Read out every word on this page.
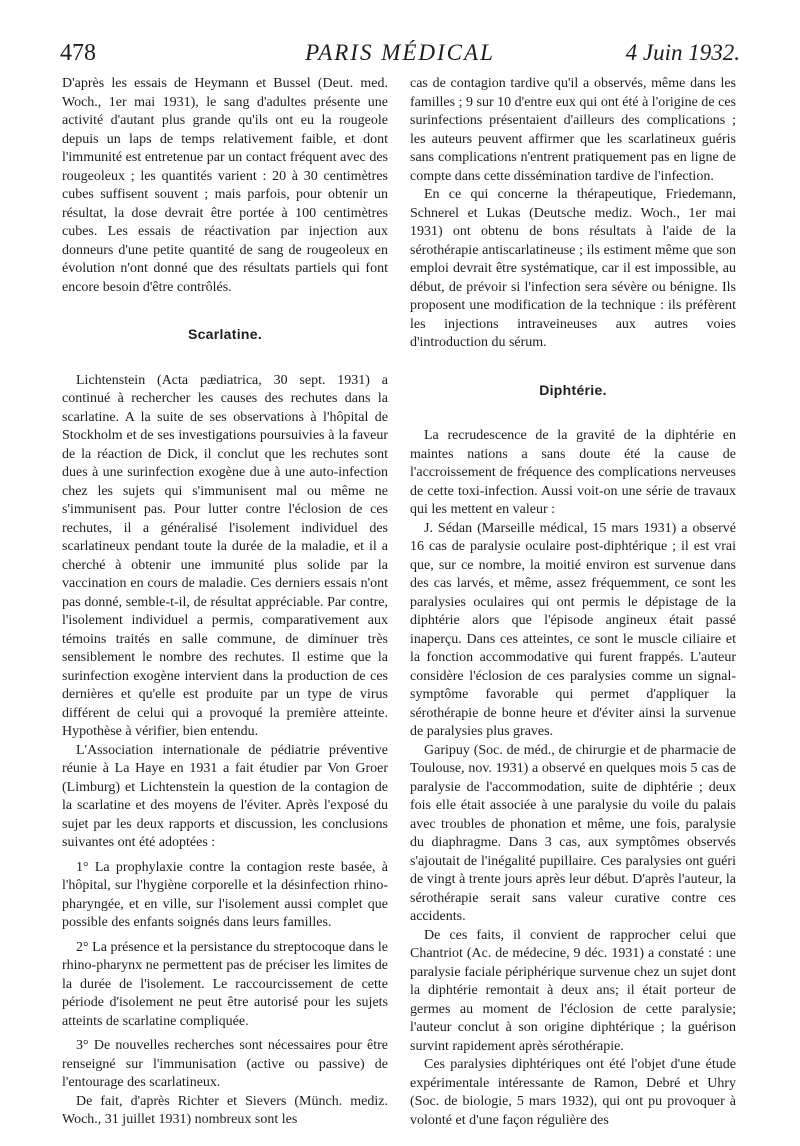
478	PARIS MÉDICAL	4 Juin 1932.

D'après les essais de Heymann et Bussel (Deut. med. Woch., 1er mai 1931), le sang d'adultes présente une activité d'autant plus grande qu'ils ont eu la rougeole depuis un laps de temps relativement faible, et dont l'immunité est entretenue par un contact fréquent avec des rougeoleux ; les quantités varient : 20 à 30 centimètres cubes suffisent souvent ; mais parfois, pour obtenir un résultat, la dose devrait être portée à 100 centimètres cubes. Les essais de réactivation par injection aux donneurs d'une petite quantité de sang de rougeoleux en évolution n'ont donné que des résultats partiels qui font encore besoin d'être contrôlés.

Scarlatine.

Lichtenstein (Acta pædiatrica, 30 sept. 1931) a continué à rechercher les causes des rechutes dans la scarlatine. A la suite de ses observations à l'hôpital de Stockholm et de ses investigations poursuivies à la faveur de la réaction de Dick, il conclut que les rechutes sont dues à une surinfection exogène due à une auto-infection chez les sujets qui s'immunisent mal ou même ne s'immunisent pas. Pour lutter contre l'éclosion de ces rechutes, il a généralisé l'isolement individuel des scarlatineux pendant toute la durée de la maladie, et il a cherché à obtenir une immunité plus solide par la vaccination en cours de maladie. Ces derniers essais n'ont pas donné, semble-t-il, de résultat appréciable. Par contre, l'isolement individuel a permis, comparativement aux témoins traités en salle commune, de diminuer très sensiblement le nombre des rechutes. Il estime que la surinfection exogène intervient dans la production de ces dernières et qu'elle est produite par un type de virus différent de celui qui a provoqué la première atteinte. Hypothèse à vérifier, bien entendu.

L'Association internationale de pédiatrie préventive réunie à La Haye en 1931 a fait étudier par Von Groer (Limburg) et Lichtenstein la question de la contagion de la scarlatine et des moyens de l'éviter. Après l'exposé du sujet par les deux rapports et discussion, les conclusions suivantes ont été adoptées :

1° La prophylaxie contre la contagion reste basée, à l'hôpital, sur l'hygiène corporelle et la désinfection rhino-pharyngée, et en ville, sur l'isolement aussi complet que possible des enfants soignés dans leurs familles.

2° La présence et la persistance du streptocoque dans le rhino-pharynx ne permettent pas de préciser les limites de la durée de l'isolement. Le raccourcissement de cette période d'isolement ne peut être autorisé pour les sujets atteints de scarlatine compliquée.

3° De nouvelles recherches sont nécessaires pour être renseigné sur l'immunisation (active ou passive) de l'entourage des scarlatineux.

De fait, d'après Richter et Sievers (Münch. mediz. Woch., 31 juillet 1931) nombreux sont les

cas de contagion tardive qu'il a observés, même dans les familles ; 9 sur 10 d'entre eux qui ont été à l'origine de ces surinfections présentaient d'ailleurs des complications ; les auteurs peuvent affirmer que les scarlatineux guéris sans complications n'entrent pratiquement pas en ligne de compte dans cette dissémination tardive de l'infection.

En ce qui concerne la thérapeutique, Friedemann, Schnerel et Lukas (Deutsche mediz. Woch., 1er mai 1931) ont obtenu de bons résultats à l'aide de la sérothérapie antiscarlatineuse ; ils estiment même que son emploi devrait être systématique, car il est impossible, au début, de prévoir si l'infection sera sévère ou bénigne. Ils proposent une modification de la technique : ils préfèrent les injections intraveineuses aux autres voies d'introduction du sérum.

Diphtérie.

La recrudescence de la gravité de la diphtérie en maintes nations a sans doute été la cause de l'accroissement de fréquence des complications nerveuses de cette toxi-infection. Aussi voit-on une série de travaux qui les mettent en valeur :

J. Sédan (Marseille médical, 15 mars 1931) a observé 16 cas de paralysie oculaire post-diphtérique ; il est vrai que, sur ce nombre, la moitié environ est survenue dans des cas larvés, et même, assez fréquemment, ce sont les paralysies oculaires qui ont permis le dépistage de la diphtérie alors que l'épisode angineux était passé inaperçu. Dans ces atteintes, ce sont le muscle ciliaire et la fonction accommodative qui furent frappés. L'auteur considère l'éclosion de ces paralysies comme un signal-symptôme favorable qui permet d'appliquer la sérothérapie de bonne heure et d'éviter ainsi la survenue de paralysies plus graves.

Garipuy (Soc. de méd., de chirurgie et de pharmacie de Toulouse, nov. 1931) a observé en quelques mois 5 cas de paralysie de l'accommodation, suite de diphtérie ; deux fois elle était associée à une paralysie du voile du palais avec troubles de phonation et même, une fois, paralysie du diaphragme. Dans 3 cas, aux symptômes observés s'ajoutait de l'inégalité pupillaire. Ces paralysies ont guéri de vingt à trente jours après leur début. D'après l'auteur, la sérothérapie serait sans valeur curative contre ces accidents.

De ces faits, il convient de rapprocher celui que Chantriot (Ac. de médecine, 9 déc. 1931) a constaté : une paralysie faciale périphérique survenue chez un sujet dont la diphtérie remontait à deux ans; il était porteur de germes au moment de l'éclosion de cette paralysie; l'auteur conclut à son origine diphtérique ; la guérison survint rapidement après sérothérapie.

Ces paralysies diphtériques ont été l'objet d'une étude expérimentale intéressante de Ramon, Debré et Uhry (Soc. de biologie, 5 mars 1932), qui ont pu provoquer à volonté et d'une façon régulière des
